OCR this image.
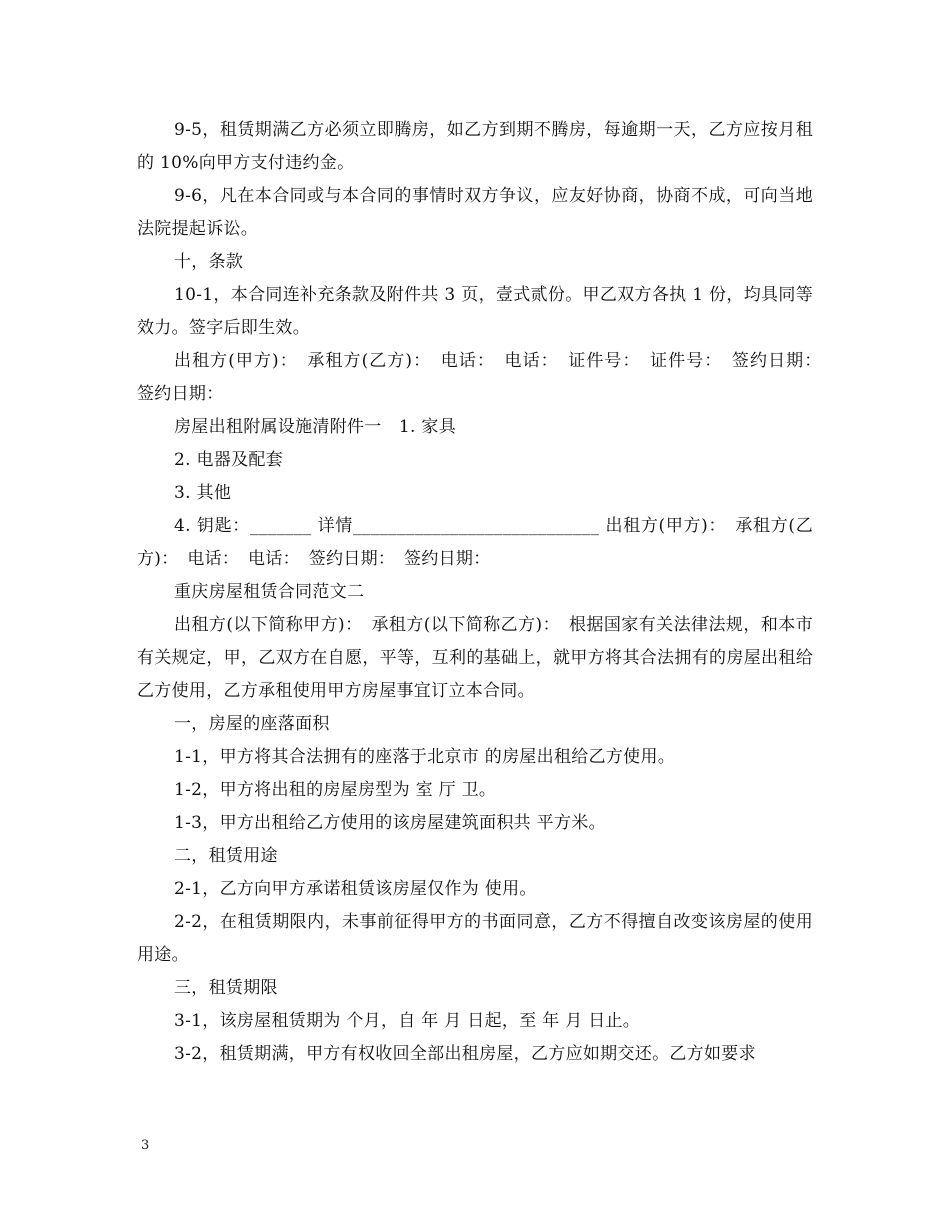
9-5，租赁期满乙方必须立即腾房，如乙方到期不腾房，每逾期一天，乙方应按月租的 10%向甲方支付违约金。

9-6，凡在本合同或与本合同的事情时双方争议，应友好协商，协商不成，可向当地法院提起诉讼。

十，条款

10-1，本合同连补充条款及附件共 3 页，壹式贰份。甲乙双方各执 1 份，均具同等效力。签字后即生效。

出租方(甲方)：　承租方(乙方)：　电话：　电话：　证件号：　证件号：　签约日期：　签约日期：

房屋出租附属设施清附件一　1. 家具

2. 电器及配套

3. 其他

4. 钥匙：_______ 详情____________________________ 出租方(甲方)：　承租方(乙方)：　电话：　电话：　签约日期：　签约日期：

重庆房屋租赁合同范文二

出租方(以下简称甲方)：　承租方(以下简称乙方)：　根据国家有关法律法规，和本市有关规定，甲，乙双方在自愿，平等，互利的基础上，就甲方将其合法拥有的房屋出租给乙方使用，乙方承租使用甲方房屋事宜订立本合同。

一，房屋的座落面积

1-1，甲方将其合法拥有的座落于北京市 的房屋出租给乙方使用。

1-2，甲方将出租的房屋房型为 室 厅 卫。

1-3，甲方出租给乙方使用的该房屋建筑面积共 平方米。

二，租赁用途

2-1，乙方向甲方承诺租赁该房屋仅作为 使用。

2-2，在租赁期限内，未事前征得甲方的书面同意，乙方不得擅自改变该房屋的使用用途。

三，租赁期限

3-1，该房屋租赁期为 个月，自 年 月 日起，至 年 月 日止。

3-2，租赁期满，甲方有权收回全部出租房屋，乙方应如期交还。乙方如要求

3
